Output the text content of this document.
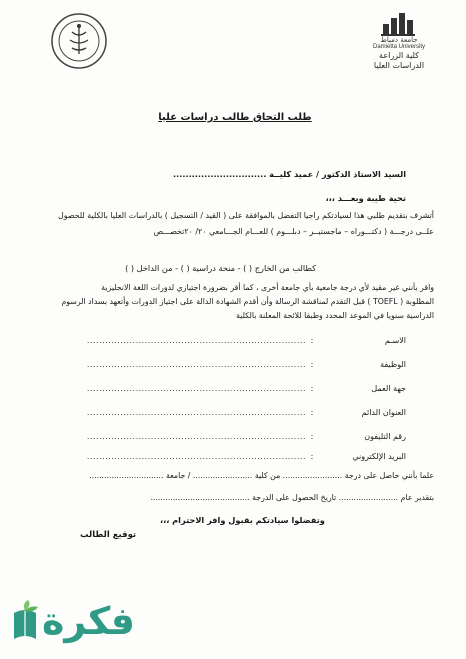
جامعة دمياط
Damietta University
كلية الزراعة
الدراسات العليا
طلب التحاق طالب دراسات عليا
السيد الاستاذ الدكتور / عميد كليــة ..............................
تحية طيبة وبعـــد ،،،
أتشرف بتقديم طلبي هذا لسيادتكم راجيا التفضل بالموافقة على ( القيد / التسجيل ) بالدراسات العليا بالكلية للحصول
علــى درجـــة ( دكتـــوراه – ماجستيــر – دبلـــوم ) للعـــام الجـــامعي ٢٠/ ٢٠تخصـــص
كطالب من الخارج ( ) - منحة دراسية ( ) - من الداخل ( )
واقر بأنني غير مقيد لأي درجة جامعية بأي جامعة أخرى ، كما أقر بضرورة اجتيازي لدورات اللغة الانجليزية
المطلوبة ( TOEFL ) قبل التقدم لمناقشة الرسالة وأن أقدم الشهادة الدالة على اجتياز الدورات وأتعهد بسداد الرسوم
الدراسية سنويا في الموعد المحدد وطبقا للائحة المعلنة بالكلية
الاسـم
:
........................................................................
الوظيفة
:
........................................................................
جهة العمل
:
........................................................................
العنوان الدائم
:
........................................................................
رقم التليفون
:
........................................................................
البريد الإلكتروني
:
........................................................................
علما بأنني حاصل على درجة ........................ من كلية ........................ / جامعة ..............................
بتقدير عام ........................ تاريخ الحصول على الدرجة ........................................
وتفضلوا سيادتكم بقبول وافر الاحترام ،،،
توقيع الطالب
فكرة
